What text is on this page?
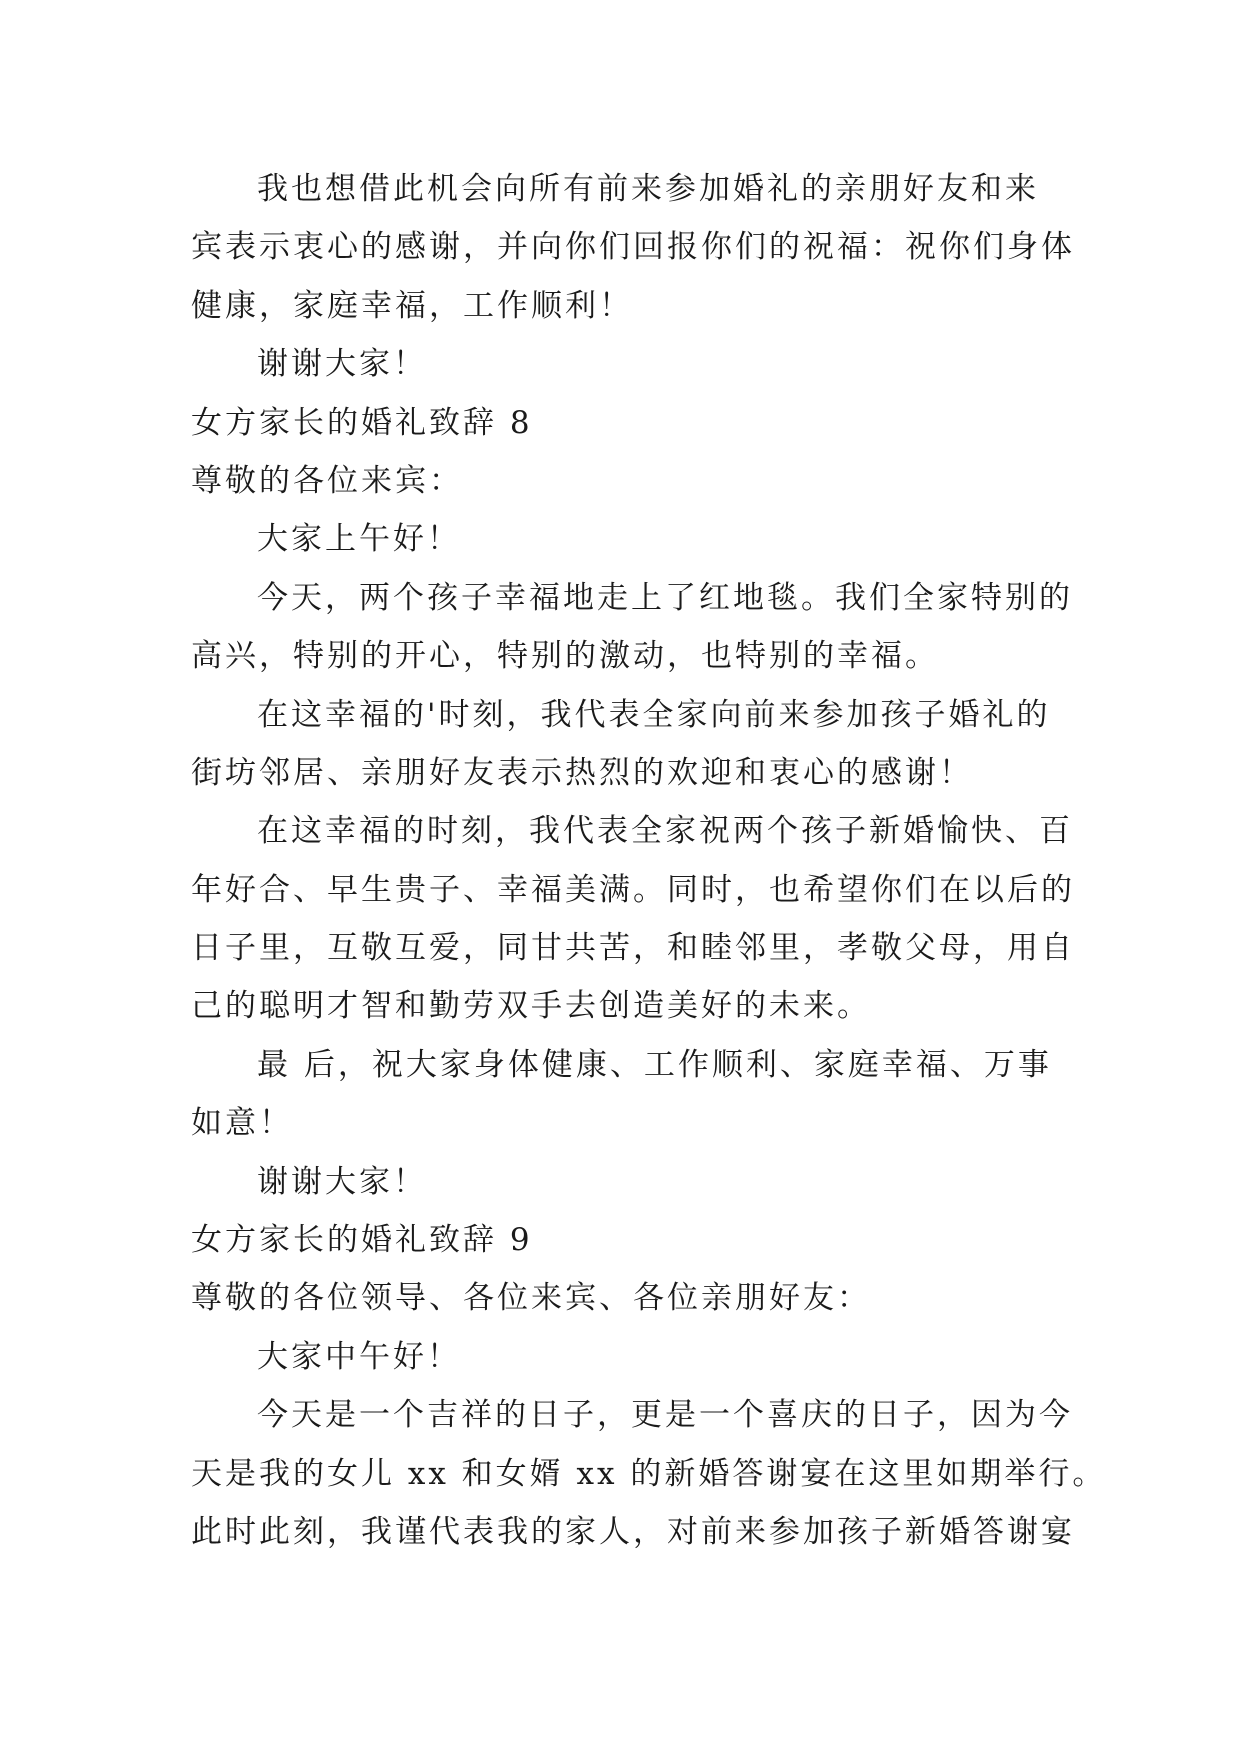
我也想借此机会向所有前来参加婚礼的亲朋好友和来
宾表示衷心的感谢，并向你们回报你们的祝福：祝你们身体
健康，家庭幸福，工作顺利！
谢谢大家！
女方家长的婚礼致辞 8
尊敬的各位来宾：
大家上午好！
今天，两个孩子幸福地走上了红地毯。我们全家特别的
高兴，特别的开心，特别的激动，也特别的幸福。
在这幸福的'时刻，我代表全家向前来参加孩子婚礼的
街坊邻居、亲朋好友表示热烈的欢迎和衷心的感谢！
在这幸福的时刻，我代表全家祝两个孩子新婚愉快、百
年好合、早生贵子、幸福美满。同时，也希望你们在以后的
日子里，互敬互爱，同甘共苦，和睦邻里，孝敬父母，用自
己的聪明才智和勤劳双手去创造美好的未来。
最 后，祝大家身体健康、工作顺利、家庭幸福、万事
如意！
谢谢大家！
女方家长的婚礼致辞 9
尊敬的各位领导、各位来宾、各位亲朋好友：
大家中午好！
今天是一个吉祥的日子，更是一个喜庆的日子，因为今
天是我的女儿 xx 和女婿 xx 的新婚答谢宴在这里如期举行。
此时此刻，我谨代表我的家人，对前来参加孩子新婚答谢宴
